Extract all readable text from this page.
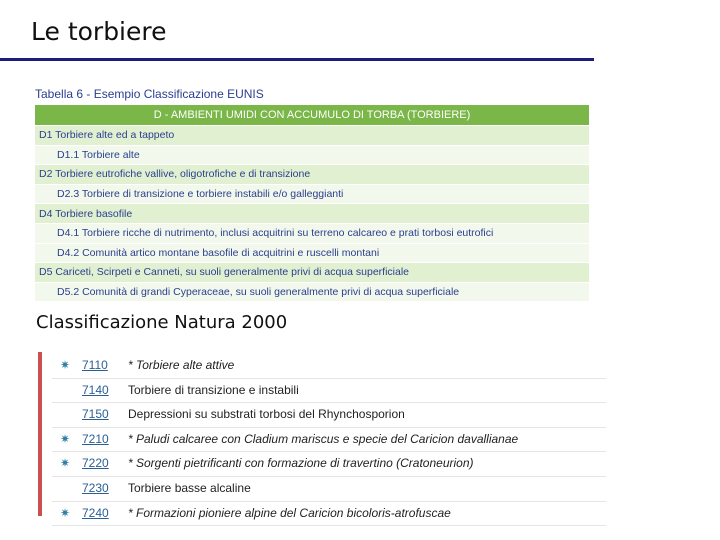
Le torbiere
Tabella 6 - Esempio Classificazione EUNIS
D - AMBIENTI UMIDI CON ACCUMULO DI TORBA (TORBIERE)
D1 Torbiere alte ed a tappeto
D1.1 Torbiere alte
D2 Torbiere eutrofiche vallive, oligotrofiche e di transizione
D2.3 Torbiere di transizione e torbiere instabili e/o galleggianti
D4 Torbiere basofile
D4.1 Torbiere ricche di nutrimento, inclusi acquitrini su terreno calcareo e prati torbosi eutrofici
D4.2 Comunità artico montane basofile di acquitrini e ruscelli montani
D5 Cariceti, Scirpeti e Canneti, su suoli generalmente privi di acqua superficiale
D5.2 Comunità di grandi Cyperaceae, su suoli generalmente privi di acqua superficiale
Classificazione Natura 2000
✷ 7110 * Torbiere alte attive
7140 Torbiere di transizione e instabili
7150 Depressioni su substrati torbosi del Rhynchosporion
✷ 7210 * Paludi calcaree con Cladium mariscus e specie del Caricion davallianae
✷ 7220 * Sorgenti pietrificanti con formazione di travertino (Cratoneurion)
7230 Torbiere basse alcaline
✷ 7240 * Formazioni pioniere alpine del Caricion bicoloris-atrofuscae
